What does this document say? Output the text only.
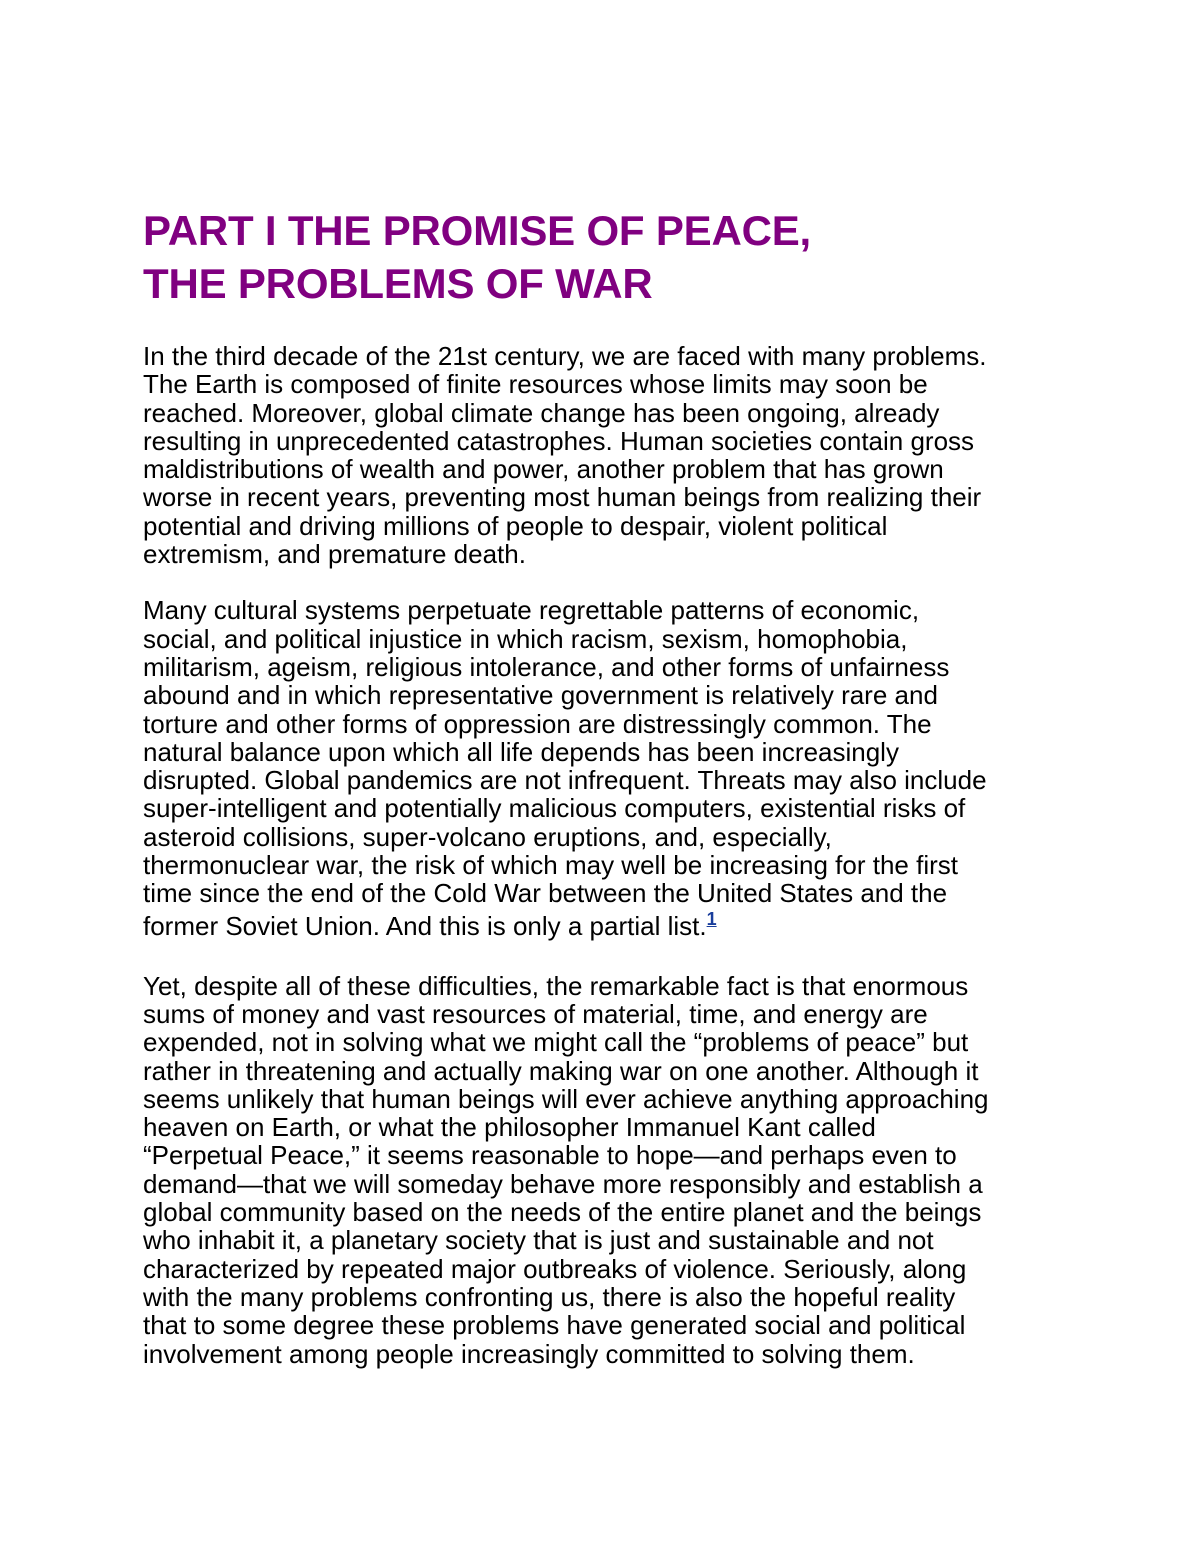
PART I THE PROMISE OF PEACE,
THE PROBLEMS OF WAR

In the third decade of the 21st century, we are faced with many problems.
The Earth is composed of finite resources whose limits may soon be
reached. Moreover, global climate change has been ongoing, already
resulting in unprecedented catastrophes. Human societies contain gross
maldistributions of wealth and power, another problem that has grown
worse in recent years, preventing most human beings from realizing their
potential and driving millions of people to despair, violent political
extremism, and premature death.

Many cultural systems perpetuate regrettable patterns of economic,
social, and political injustice in which racism, sexism, homophobia,
militarism, ageism, religious intolerance, and other forms of unfairness
abound and in which representative government is relatively rare and
torture and other forms of oppression are distressingly common. The
natural balance upon which all life depends has been increasingly
disrupted. Global pandemics are not infrequent. Threats may also include
super-intelligent and potentially malicious computers, existential risks of
asteroid collisions, super-volcano eruptions, and, especially,
thermonuclear war, the risk of which may well be increasing for the first
time since the end of the Cold War between the United States and the
former Soviet Union. And this is only a partial list.$^1$

Yet, despite all of these difficulties, the remarkable fact is that enormous
sums of money and vast resources of material, time, and energy are
expended, not in solving what we might call the “problems of peace” but
rather in threatening and actually making war on one another. Although it
seems unlikely that human beings will ever achieve anything approaching
heaven on Earth, or what the philosopher Immanuel Kant called
“Perpetual Peace,” it seems reasonable to hope—and perhaps even to
demand—that we will someday behave more responsibly and establish a
global community based on the needs of the entire planet and the beings
who inhabit it, a planetary society that is just and sustainable and not
characterized by repeated major outbreaks of violence. Seriously, along
with the many problems confronting us, there is also the hopeful reality
that to some degree these problems have generated social and political
involvement among people increasingly committed to solving them.
